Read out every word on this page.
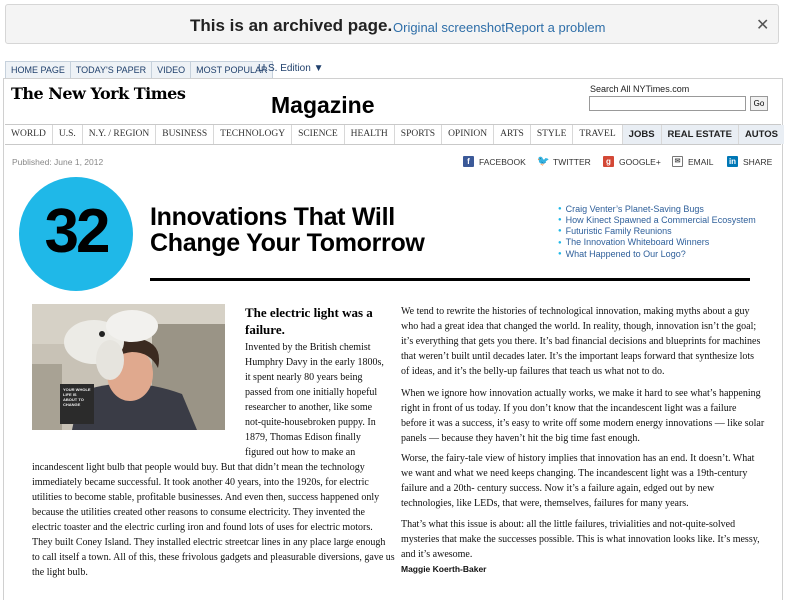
This is an archived page. Original screenshot Report a problem	✕
HOME PAGE	TODAY'S PAPER	VIDEO	MOST POPULAR
U.S. Edition ▼
The New York Times	Magazine
Search All NYTimes.com
Go
WORLD	U.S.	N.Y. / REGION	BUSINESS	TECHNOLOGY	SCIENCE	HEALTH	SPORTS	OPINION	ARTS	STYLE	TRAVEL	JOBS	REAL ESTATE	AUTOS
Published: June 1, 2012	f	FACEBOOK 🐦 TWITTER	g GOOGLE+	✉ EMAIL in SHARE
32	Innovations That Will
Change Your Tomorrow
● Craig Venter’s Planet-Saving Bugs
● How Kinect Spawned a Commercial Ecosystem
● Futuristic Family Reunions
● The Innovation Whiteboard Winners
● What Happened to Our Logo?
YOUR WHOLE LIFE IS ABOUT TO CHANGE
The electric light was a
failure.
Invented by the British chemist
Humphry Davy in the early 1800s,
it spent nearly 80 years being
passed from one initially hopeful
researcher to another, like some
not-quite-housebroken puppy. In
1879, Thomas Edison finally
figured out how to make an
incandescent light bulb that people would buy. But that didn’t mean the technology
immediately became successful. It took another 40 years, into the 1920s, for electric
utilities to become stable, profitable businesses. And even then, success happened only
because the utilities created other reasons to consume electricity. They invented the
electric toaster and the electric curling iron and found lots of uses for electric motors.
They built Coney Island. They installed electric streetcar lines in any place large enough
to call itself a town. All of this, these frivolous gadgets and pleasurable diversions, gave us
the light bulb.
We tend to rewrite the histories of technological innovation, making myths about a guy
who had a great idea that changed the world. In reality, though, innovation isn’t the goal;
it’s everything that gets you there. It’s bad financial decisions and blueprints for machines
that weren’t built until decades later. It’s the important leaps forward that synthesize lots
of ideas, and it’s the belly-up failures that teach us what not to do.
When we ignore how innovation actually works, we make it hard to see what’s happening
right in front of us today. If you don’t know that the incandescent light was a failure
before it was a success, it’s easy to write off some modern energy innovations — like solar
panels — because they haven’t hit the big time fast enough.
Worse, the fairy-tale view of history implies that innovation has an end. It doesn’t. What
we want and what we need keeps changing. The incandescent light was a 19th-century
failure and a 20th- century success. Now it’s a failure again, edged out by new
technologies, like LEDs, that were, themselves, failures for many years.
That’s what this issue is about: all the little failures, trivialities and not-quite-solved
mysteries that make the successes possible. This is what innovation looks like. It’s messy,
and it’s awesome.
Maggie Koerth-Baker
